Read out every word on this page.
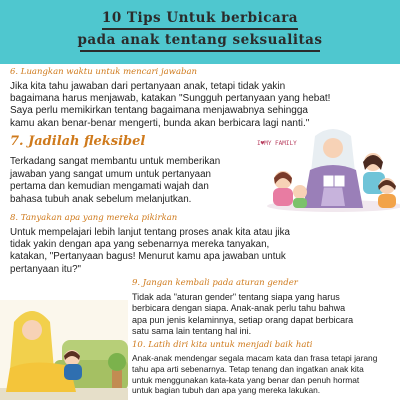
10 Tips Untuk berbicara
pada anak tentang seksualitas
6. Luangkan waktu untuk mencari jawaban
Jika kita tahu jawaban dari pertanyaan anak, tetapi tidak yakin
bagaimana harus menjawab, katakan "Sungguh pertanyaan yang hebat!
Saya perlu memikirkan tentang bagaimana menjawabnya sehingga
kamu akan benar-benar mengerti, bunda akan berbicara lagi nanti."
7. Jadilah fleksibel
Terkadang sangat membantu untuk memberikan
jawaban yang sangat umum untuk pertanyaan
pertama dan kemudian mengamati wajah dan
bahasa tubuh anak sebelum melanjutkan.
I♥MY FAMILY
8. Tanyakan apa yang mereka pikirkan
Untuk mempelajari lebih lanjut tentang proses anak kita atau jika
tidak yakin dengan apa yang sebenarnya mereka tanyakan,
katakan, "Pertanyaan bagus! Menurut kamu apa jawaban untuk
pertanyaan itu?"
9. Jangan kembali pada aturan gender
Tidak ada "aturan gender" tentang siapa yang harus
berbicara dengan siapa. Anak-anak perlu tahu bahwa
apa pun jenis kelaminnya, setiap orang dapat berbicara
satu sama lain tentang hal ini.
10. Latih diri kita untuk menjadi baik hati
Anak-anak mendengar segala macam kata dan frasa tetapi jarang
tahu apa arti sebenarnya. Tetap tenang dan ingatkan anak kita
untuk menggunakan kata-kata yang benar dan penuh hormat
untuk bagian tubuh dan apa yang mereka lakukan.
